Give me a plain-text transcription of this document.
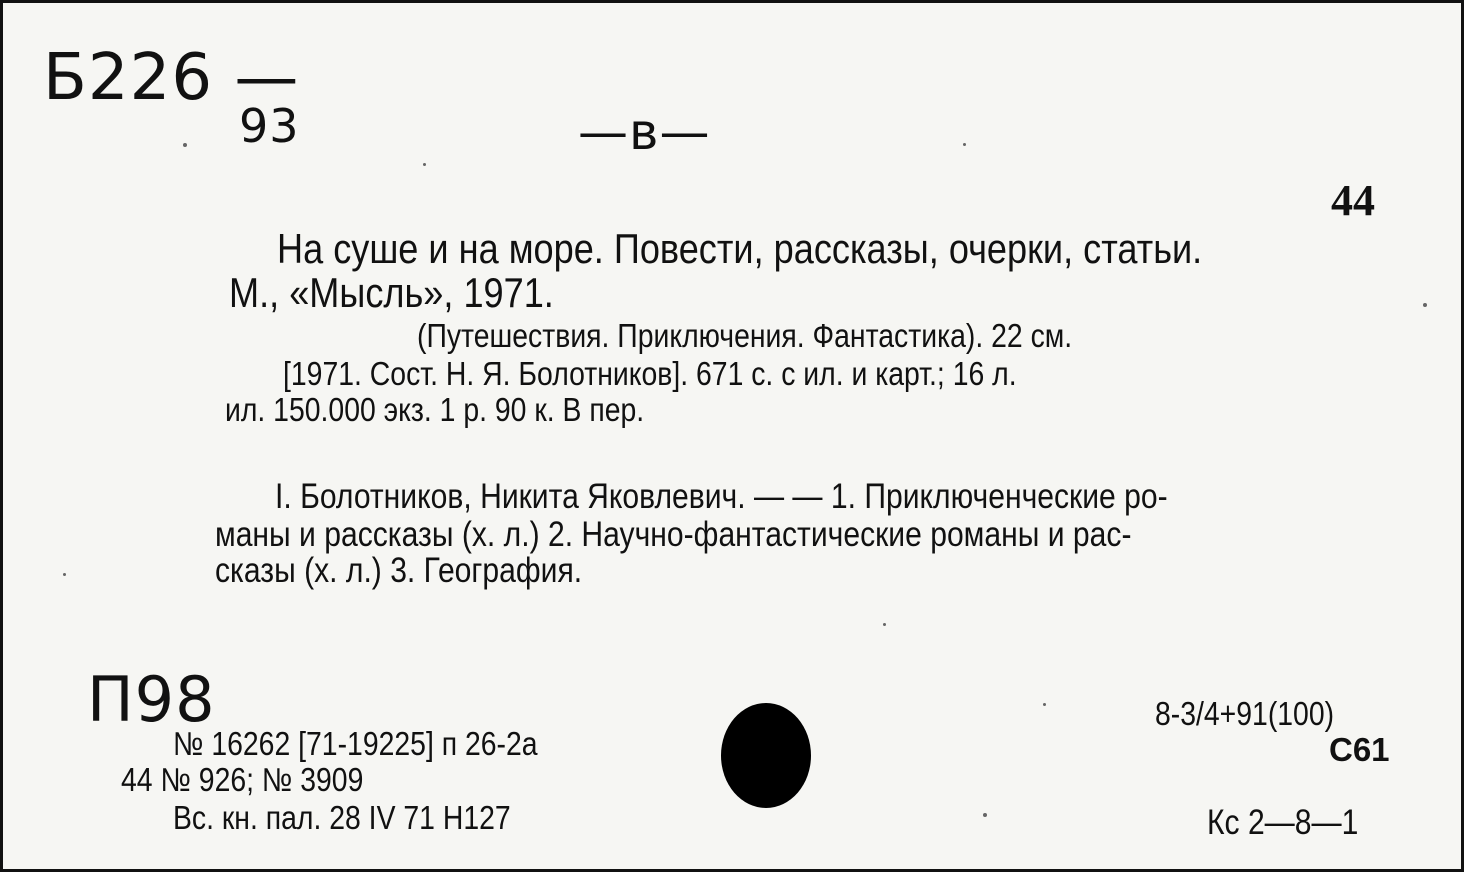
Б226 —
93	—в—
44
На суше и на море. Повести, рассказы, очерки, статьи.
М., «Мысль», 1971.
(Путешествия. Приключения. Фантастика). 22 см.
[1971. Сост. Н. Я. Болотников]. 671 с. с ил. и карт.; 16 л.
ил. 150.000 экз. 1 р. 90 к. В пер.
I. Болотников, Никита Яковлевич. — — 1. Приключенческие ро-
маны и рассказы (х. л.) 2. Научно-фантастические романы и рас-
сказы (х. л.) 3. География.
П98
№ 16262 [71-19225] п 26-2а
44 № 926; № 3909
Вс. кн. пал. 28 IV 71 Н127
8-3/4+91(100)
С61
Кс 2—8—1
